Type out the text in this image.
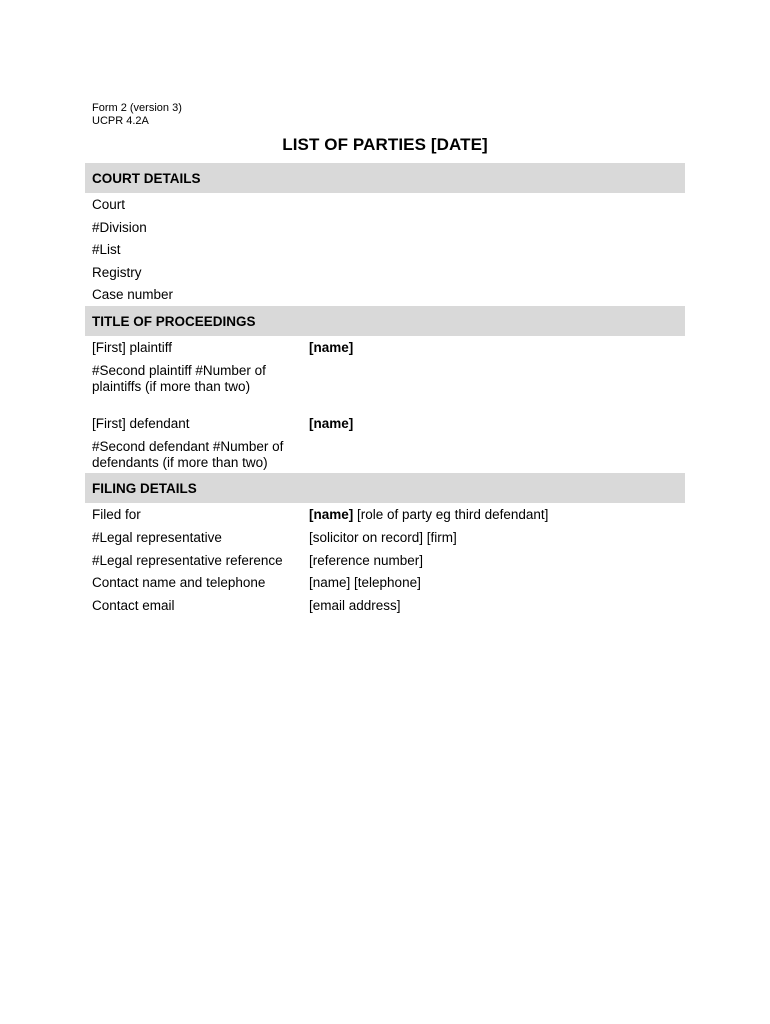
Form 2 (version 3)
UCPR 4.2A
LIST OF PARTIES [DATE]
COURT DETAILS
Court
#Division
#List
Registry
Case number
TITLE OF PROCEEDINGS
[First] plaintiff	[name]
#Second plaintiff #Number of plaintiffs (if more than two)
[First] defendant	[name]
#Second defendant #Number of defendants (if more than two)
FILING DETAILS
Filed for	[name] [role of party eg third defendant]
#Legal representative	[solicitor on record] [firm]
#Legal representative reference	[reference number]
Contact name and telephone	[name] [telephone]
Contact email	[email address]
